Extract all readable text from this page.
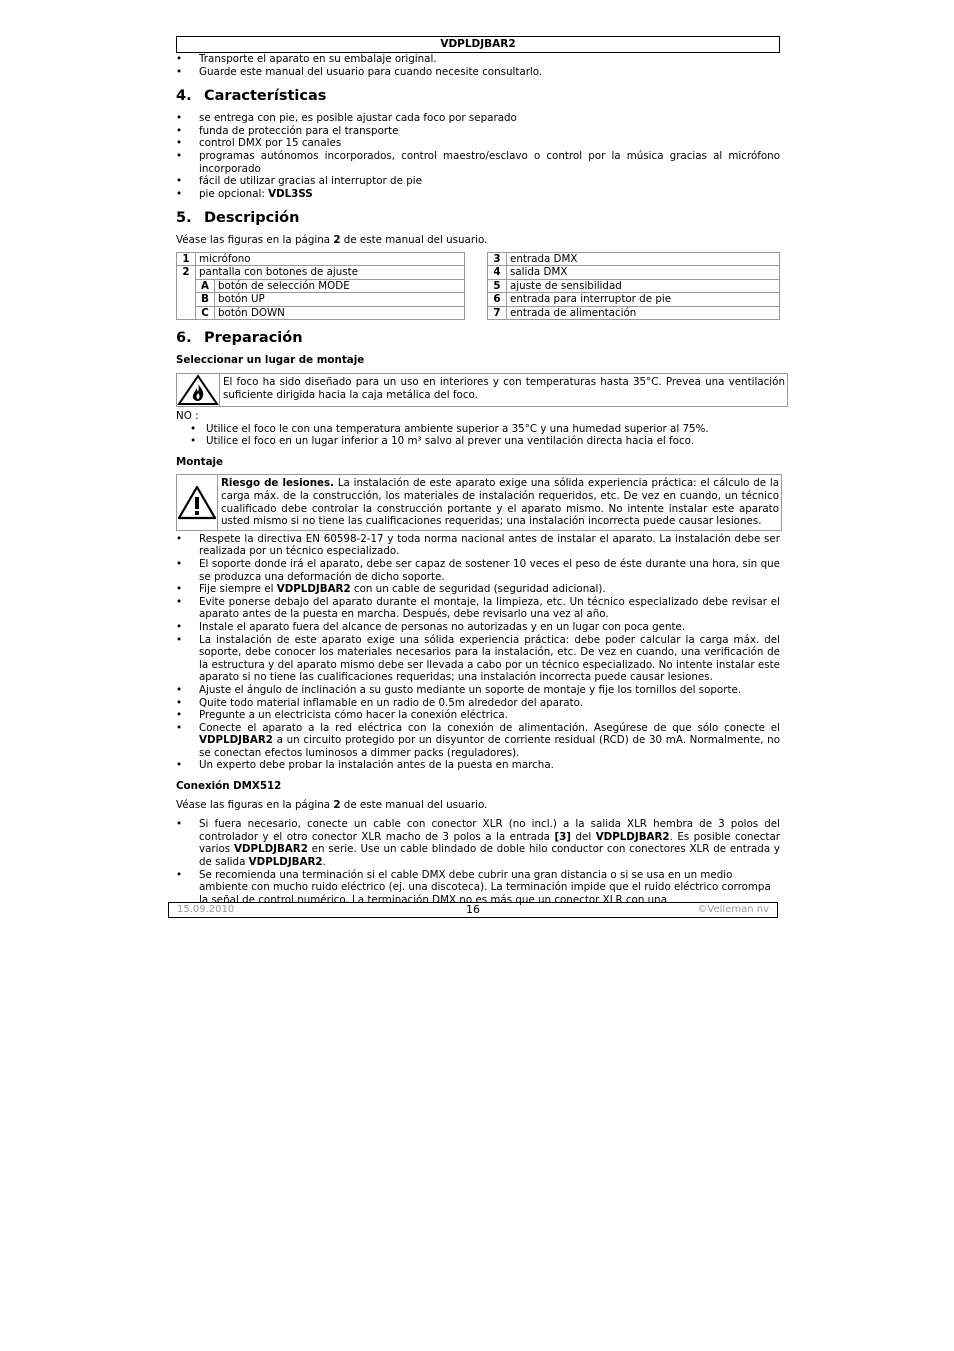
VDPLDJBAR2
• Transporte el aparato en su embalaje original.
• Guarde este manual del usuario para cuando necesite consultarlo.
4. Características
• se entrega con pie, es posible ajustar cada foco por separado
• funda de protección para el transporte
• control DMX por 15 canales
• programas autónomos incorporados, control maestro/esclavo o control por la música gracias al micrófono incorporado
• fácil de utilizar gracias al interruptor de pie
• pie opcional: VDL3SS
5. Descripción

Véase las figuras en la página 2 de este manual del usuario.

1	micrófono	
2	pantalla con botones de ajuste	
	A	botón de selección MODE
	B	botón UP
	C	botón DOWN
3	entrada DMX
4	salida DMX
5	ajuste de sensibilidad
6	entrada para interruptor de pie
7	entrada de alimentación
6. Preparación
Seleccionar un lugar de montaje
El foco ha sido diseñado para un uso en interiores y con temperaturas hasta 35°C. Prevea una ventilación suficiente dirigida hacia la caja metálica del foco.

NO :

• Utilice el foco le con una temperatura ambiente superior a 35°C y una humedad superior al 75%.
• Utilice el foco en un lugar inferior a 10 m³ salvo al prever una ventilación directa hacia el foco.
Montaje
Riesgo de lesiones. La instalación de este aparato exige una sólida experiencia práctica: el cálculo de la carga máx. de la construcción, los materiales de instalación requeridos, etc. De vez en cuando, un técnico cualificado debe controlar la construcción portante y el aparato mismo. No intente instalar este aparato usted mismo si no tiene las cualificaciones requeridas; una instalación incorrecta puede causar lesiones.
• Respete la directiva EN 60598-2-17 y toda norma nacional antes de instalar el aparato. La instalación debe ser realizada por un técnico especializado.
• El soporte donde irá el aparato, debe ser capaz de sostener 10 veces el peso de éste durante una hora, sin que se produzca una deformación de dicho soporte.
• Fije siempre el VDPLDJBAR2 con un cable de seguridad (seguridad adicional).
• Evite ponerse debajo del aparato durante el montaje, la limpieza, etc. Un técnico especializado debe revisar el aparato antes de la puesta en marcha. Después, debe revisarlo una vez al año.
• Instale el aparato fuera del alcance de personas no autorizadas y en un lugar con poca gente.
• La instalación de este aparato exige una sólida experiencia práctica: debe poder calcular la carga máx. del soporte, debe conocer los materiales necesarios para la instalación, etc. De vez en cuando, una verificación de la estructura y del aparato mismo debe ser llevada a cabo por un técnico especializado. No intente instalar este aparato si no tiene las cualificaciones requeridas; una instalación incorrecta puede causar lesiones.
• Ajuste el ángulo de inclinación a su gusto mediante un soporte de montaje y fije los tornillos del soporte.
• Quite todo material inflamable en un radio de 0.5m alrededor del aparato.
• Pregunte a un electricista cómo hacer la conexión eléctrica.
• Conecte el aparato a la red eléctrica con la conexión de alimentación. Asegúrese de que sólo conecte el VDPLDJBAR2 a un circuito protegido por un disyuntor de corriente residual (RCD) de 30 mA. Normalmente, no se conectan efectos luminosos a dimmer packs (reguladores).
• Un experto debe probar la instalación antes de la puesta en marcha.
Conexión DMX512

Véase las figuras en la página 2 de este manual del usuario.

• Si fuera necesario, conecte un cable con conector XLR (no incl.) a la salida XLR hembra de 3 polos del controlador y el otro conector XLR macho de 3 polos a la entrada [3] del VDPLDJBAR2. Es posible conectar varios VDPLDJBAR2 en serie. Use un cable blindado de doble hilo conductor con conectores XLR de entrada y de salida VDPLDJBAR2.
• Se recomienda una terminación si el cable DMX debe cubrir una gran distancia o si se usa en un medio ambiente con mucho ruido eléctrico (ej. una discoteca). La terminación impide que el ruido eléctrico corrompa la señal de control numérico. La terminación DMX no es más que un conector XLR con una
15.09.2010	16	©Velleman nv
